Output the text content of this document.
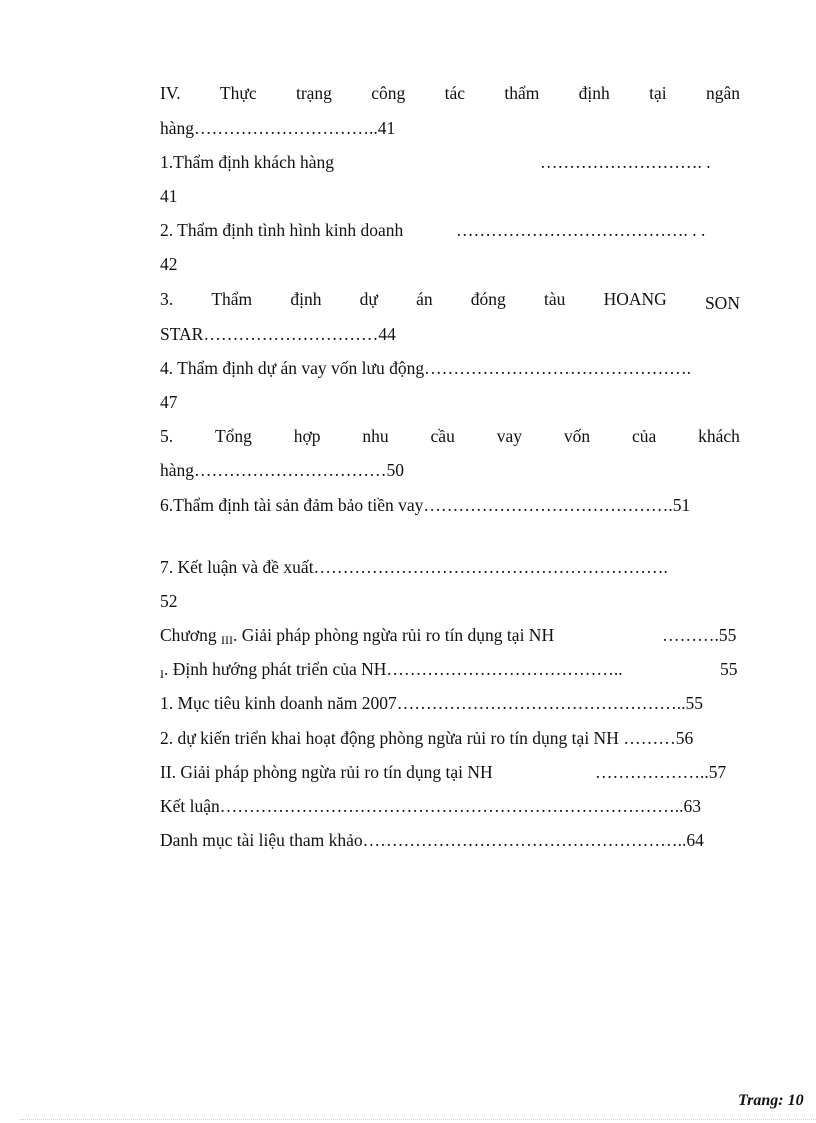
IV. Thực trạng công tác thẩm định tại ngân
hàng…………………………..41
1.Thẩm định khách hàng	………………………. .
41
2. Thẩm định tình hình kinh doanh	…………………………………. . .
42
3. Thẩm định dự án đóng tàu HOANG SON
STAR…………………………44
4. Thẩm định dự án vay vốn lưu động……………………………………….
47
5. Tổng hợp nhu cầu vay vốn của khách
hàng……………………………50
6.Thẩm định tài sản đảm bảo tiền vay…………………………………….51
7. Kết luận và đề xuất…………………………………………………….
52
Chương III. Giải pháp phòng ngừa rủi ro tín dụng tại NH	……….55
I. Định hướng phát triển của NH…………………………………..	55
1. Mục tiêu kinh doanh năm 2007…………………………………………..55
2. dự kiến triển khai hoạt động phòng ngừa rủi ro tín dụng tại NH ………56
II. Giải pháp phòng ngừa rủi ro tín dụng tại NH	………………..57
Kết luận……………………………………………………………………..63
Danh mục tài liệu tham khảo………………………………………………..64
Trang: 10
